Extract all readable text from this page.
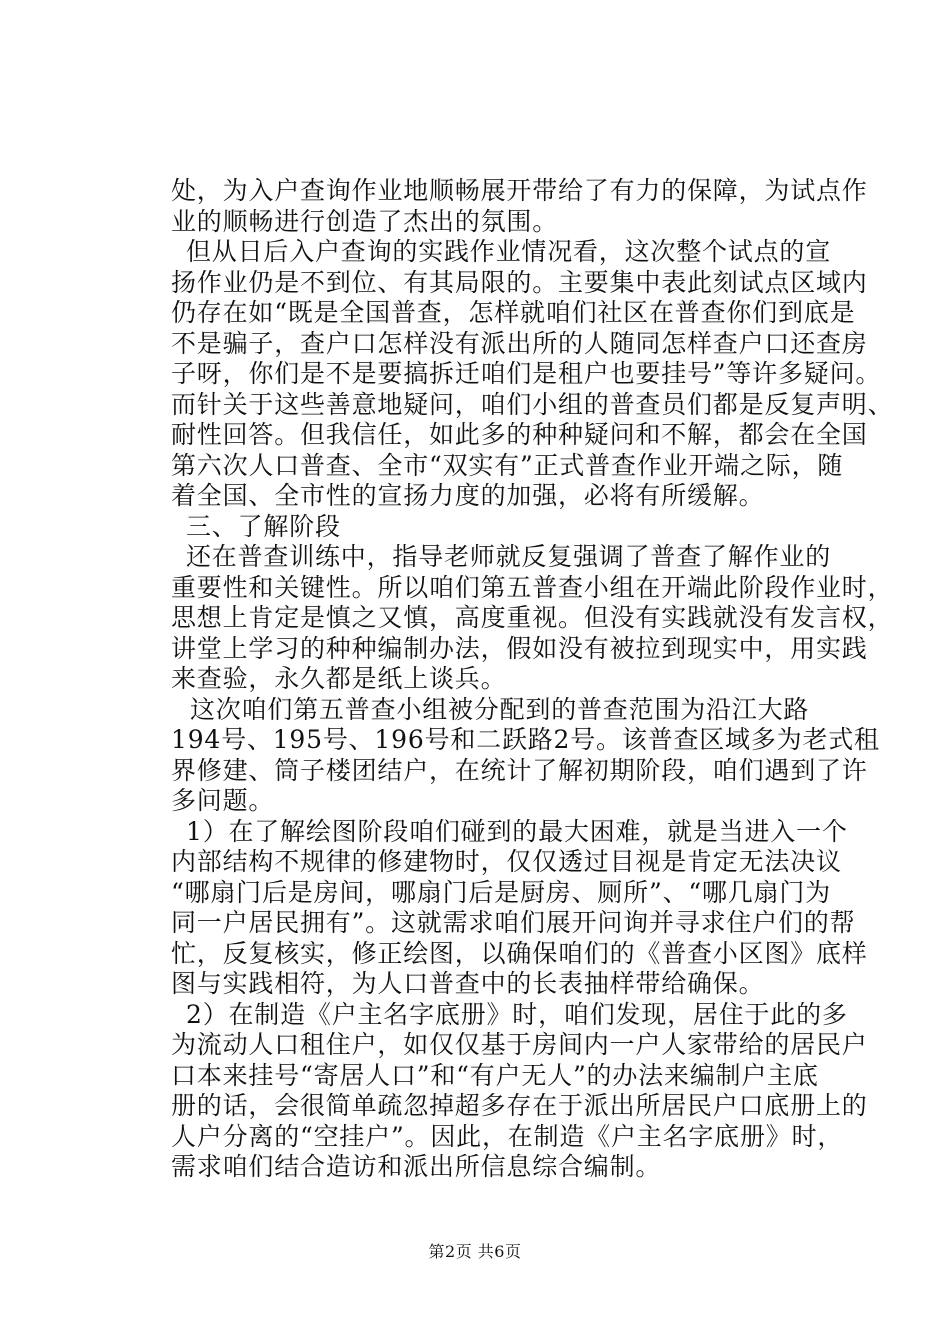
处，为入户查询作业地顺畅展开带给了有力的保障，为试点作
业的顺畅进行创造了杰出的氛围。
但从日后入户查询的实践作业情况看，这次整个试点的宣
扬作业仍是不到位、有其局限的。主要集中表此刻试点区域内
仍存在如“既是全国普查，怎样就咱们社区在普查你们到底是
不是骗子，查户口怎样没有派出所的人随同怎样查户口还查房
子呀，你们是不是要搞拆迁咱们是租户也要挂号”等许多疑问。
而针关于这些善意地疑问，咱们小组的普查员们都是反复声明、
耐性回答。但我信任，如此多的种种疑问和不解，都会在全国
第六次人口普查、全市“双实有”正式普查作业开端之际，随
着全国、全市性的宣扬力度的加强，必将有所缓解。
三、了解阶段
还在普查训练中，指导老师就反复强调了普查了解作业的
重要性和关键性。所以咱们第五普查小组在开端此阶段作业时，
思想上肯定是慎之又慎，高度重视。但没有实践就没有发言权，
讲堂上学习的种种编制办法，假如没有被拉到现实中，用实践
来查验，永久都是纸上谈兵。
这次咱们第五普查小组被分配到的普查范围为沿江大路
194号、195号、196号和二跃路2号。该普查区域多为老式租
界修建、筒子楼团结户，在统计了解初期阶段，咱们遇到了许
多问题。
1）在了解绘图阶段咱们碰到的最大困难，就是当进入一个
内部结构不规律的修建物时，仅仅透过目视是肯定无法决议
“哪扇门后是房间，哪扇门后是厨房、厕所”、“哪几扇门为
同一户居民拥有”。这就需求咱们展开问询并寻求住户们的帮
忙，反复核实，修正绘图，以确保咱们的《普查小区图》底样
图与实践相符，为人口普查中的长表抽样带给确保。
2）在制造《户主名字底册》时，咱们发现，居住于此的多
为流动人口租住户，如仅仅基于房间内一户人家带给的居民户
口本来挂号“寄居人口”和“有户无人”的办法来编制户主底
册的话，会很简单疏忽掉超多存在于派出所居民户口底册上的
人户分离的“空挂户”。因此，在制造《户主名字底册》时，
需求咱们结合造访和派出所信息综合编制。
第2页 共6页
